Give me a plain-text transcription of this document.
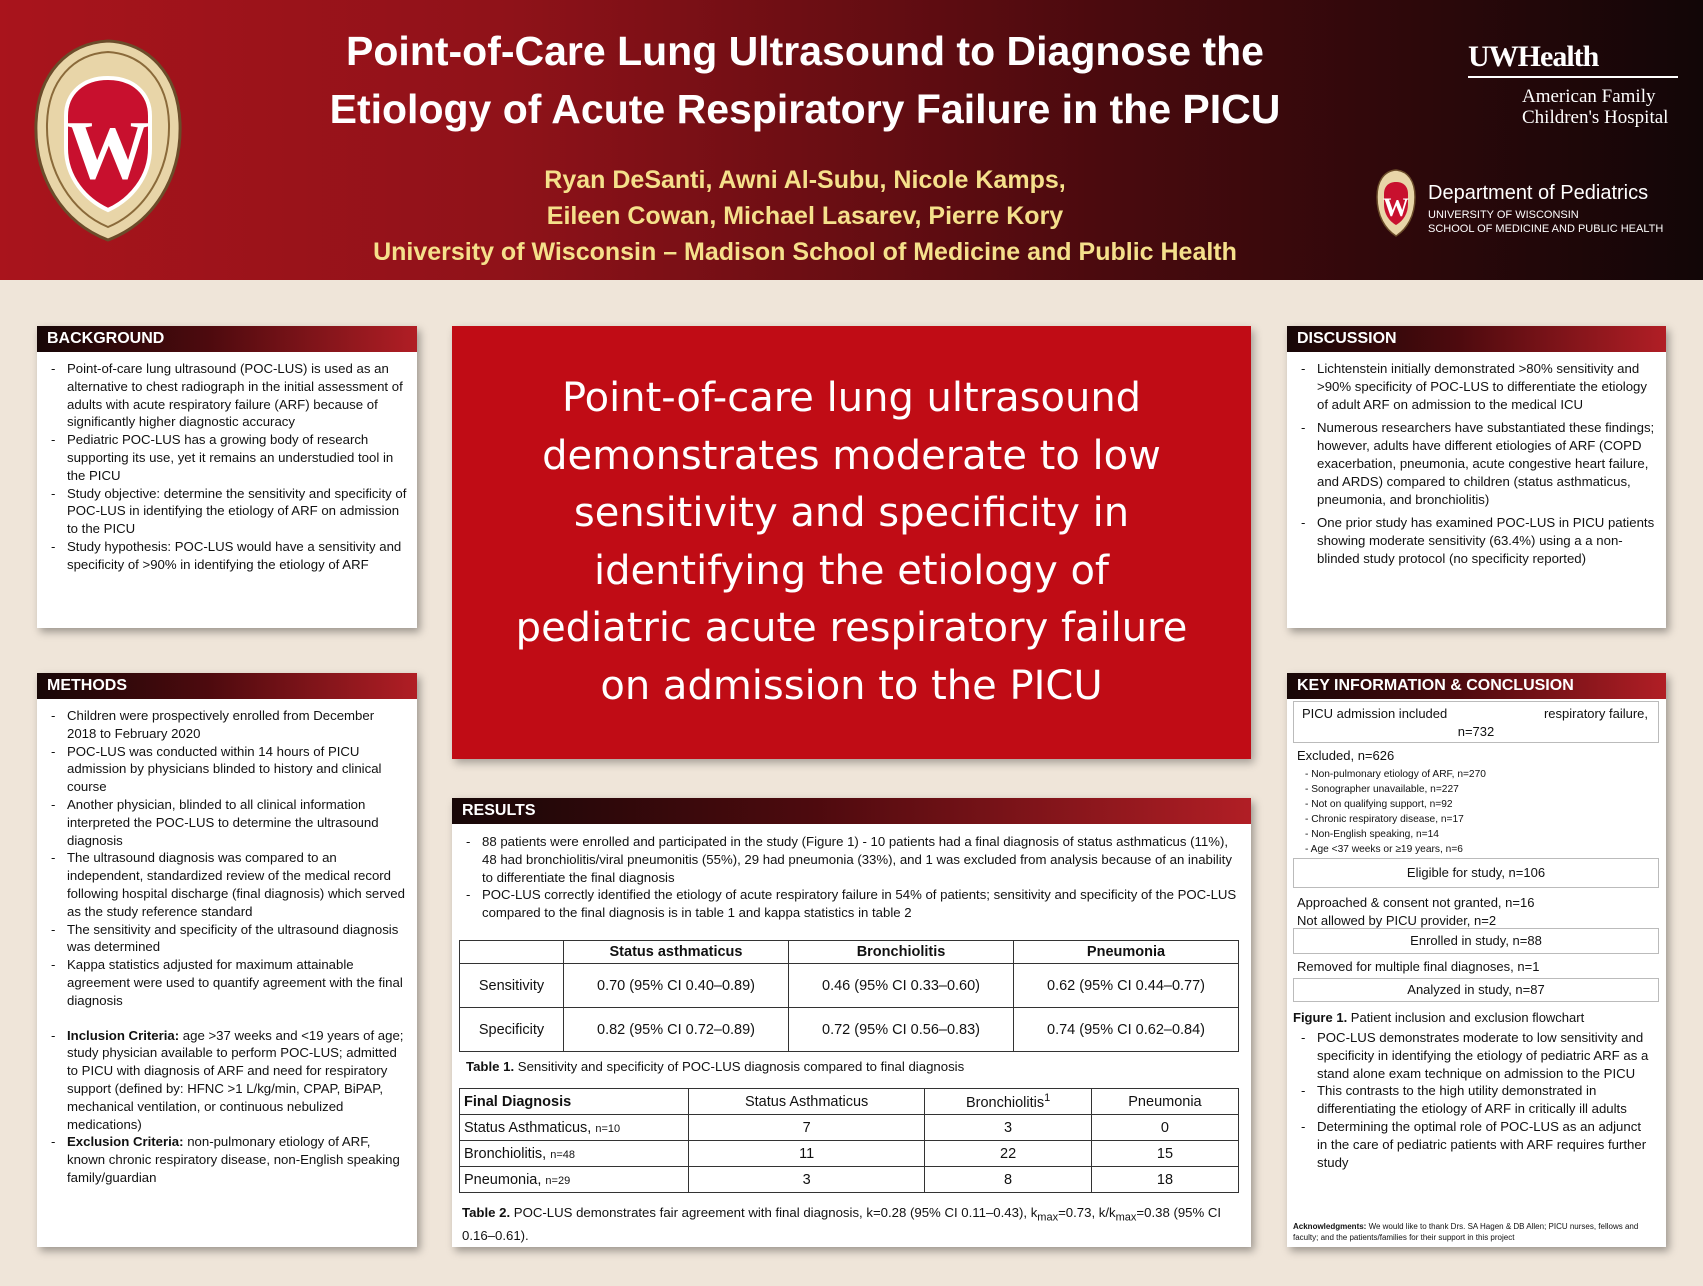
W
Point-of-Care Lung Ultrasound to Diagnose the
Etiology of Acute Respiratory Failure in the PICU
Ryan DeSanti, Awni Al-Subu, Nicole Kamps,
Eileen Cowan, Michael Lasarev, Pierre Kory
University of Wisconsin – Madison School of Medicine and Public Health
UWHealth
American Family
Children's Hospital
W Department of Pediatrics
UNIVERSITY OF WISCONSIN
SCHOOL OF MEDICINE AND PUBLIC HEALTH
BACKGROUND
- Point-of-care lung ultrasound (POC-LUS) is used as an alternative to chest radiograph in the initial assessment of adults with acute respiratory failure (ARF) because of significantly higher diagnostic accuracy
- Pediatric POC-LUS has a growing body of research supporting its use, yet it remains an understudied tool in the PICU
- Study objective: determine the sensitivity and specificity of POC-LUS in identifying the etiology of ARF on admission to the PICU
- Study hypothesis: POC-LUS would have a sensitivity and specificity of >90% in identifying the etiology of ARF
METHODS
- Children were prospectively enrolled from December 2018 to February 2020
- POC-LUS was conducted within 14 hours of PICU admission by physicians blinded to history and clinical course
- Another physician, blinded to all clinical information interpreted the POC-LUS to determine the ultrasound diagnosis
- The ultrasound diagnosis was compared to an independent, standardized review of the medical record following hospital discharge (final diagnosis) which served as the study reference standard
- The sensitivity and specificity of the ultrasound diagnosis was determined
- Kappa statistics adjusted for maximum attainable agreement were used to quantify agreement with the final diagnosis
- Inclusion Criteria: age >37 weeks and <19 years of age; study physician available to perform POC-LUS; admitted to PICU with diagnosis of ARF and need for respiratory support (defined by: HFNC >1 L/kg/min, CPAP, BiPAP, mechanical ventilation, or continuous nebulized medications)
- Exclusion Criteria: non-pulmonary etiology of ARF, known chronic respiratory disease, non-English speaking family/guardian
Point-of-care lung ultrasound demonstrates moderate to low sensitivity and specificity in identifying the etiology of pediatric acute respiratory failure on admission to the PICU
RESULTS
- 88 patients were enrolled and participated in the study (Figure 1) - 10 patients had a final diagnosis of status asthmaticus (11%), 48 had bronchiolitis/viral pneumonitis (55%), 29 had pneumonia (33%), and 1 was excluded from analysis because of an inability to differentiate the final diagnosis
- POC-LUS correctly identified the etiology of acute respiratory failure in 54% of patients; sensitivity and specificity of the POC-LUS compared to the final diagnosis is in table 1 and kappa statistics in table 2
	Status asthmaticus	Bronchiolitis	Pneumonia
Sensitivity	0.70 (95% CI 0.40–0.89)	0.46 (95% CI 0.33–0.60)	0.62 (95% CI 0.44–0.77)
Specificity	0.82 (95% CI 0.72–0.89)	0.72 (95% CI 0.56–0.83)	0.74 (95% CI 0.62–0.84)
Table 1. Sensitivity and specificity of POC-LUS diagnosis compared to final diagnosis
Final Diagnosis	Status Asthmaticus	Bronchiolitis$^1$	Pneumonia
Status Asthmaticus, n=10	7	3	0
Bronchiolitis, n=48	11	22	15
Pneumonia, n=29	3	8	18
Table 2. POC-LUS demonstrates fair agreement with final diagnosis, k=0.28 (95% CI 0.11–0.43), $k_{max}=0.73$, $k/k_{max}=0.38$ (95% CI 0.16–0.61).
DISCUSSION
- Lichtenstein initially demonstrated >80% sensitivity and >90% specificity of POC-LUS to differentiate the etiology of adult ARF on admission to the medical ICU
- Numerous researchers have substantiated these findings; however, adults have different etiologies of ARF (COPD exacerbation, pneumonia, acute congestive heart failure, and ARDS) compared to children (status asthmaticus, pneumonia, and bronchiolitis)
- One prior study has examined POC-LUS in PICU patients showing moderate sensitivity (63.4%) using a a non-blinded study protocol (no specificity reported)
KEY INFORMATION & CONCLUSION
PICU admission included	respiratory failure,
n=732
Excluded, n=626
- Non-pulmonary etiology of ARF, n=270
- Sonographer unavailable, n=227
- Not on qualifying support, n=92
- Chronic respiratory disease, n=17
- Non-English speaking, n=14
- Age <37 weeks or ≥19 years, n=6
Eligible for study, n=106
Approached & consent not granted, n=16
Not allowed by PICU provider, n=2
Enrolled in study, n=88
Removed for multiple final diagnoses, n=1
Analyzed in study, n=87
Figure 1. Patient inclusion and exclusion flowchart
- POC-LUS demonstrates moderate to low sensitivity and specificity in identifying the etiology of pediatric ARF as a stand alone exam technique on admission to the PICU
- This contrasts to the high utility demonstrated in differentiating the etiology of ARF in critically ill adults
- Determining the optimal role of POC-LUS as an adjunct in the care of pediatric patients with ARF requires further study
Acknowledgments: We would like to thank Drs. SA Hagen & DB Allen; PICU nurses, fellows and faculty; and the patients/families for their support in this project
